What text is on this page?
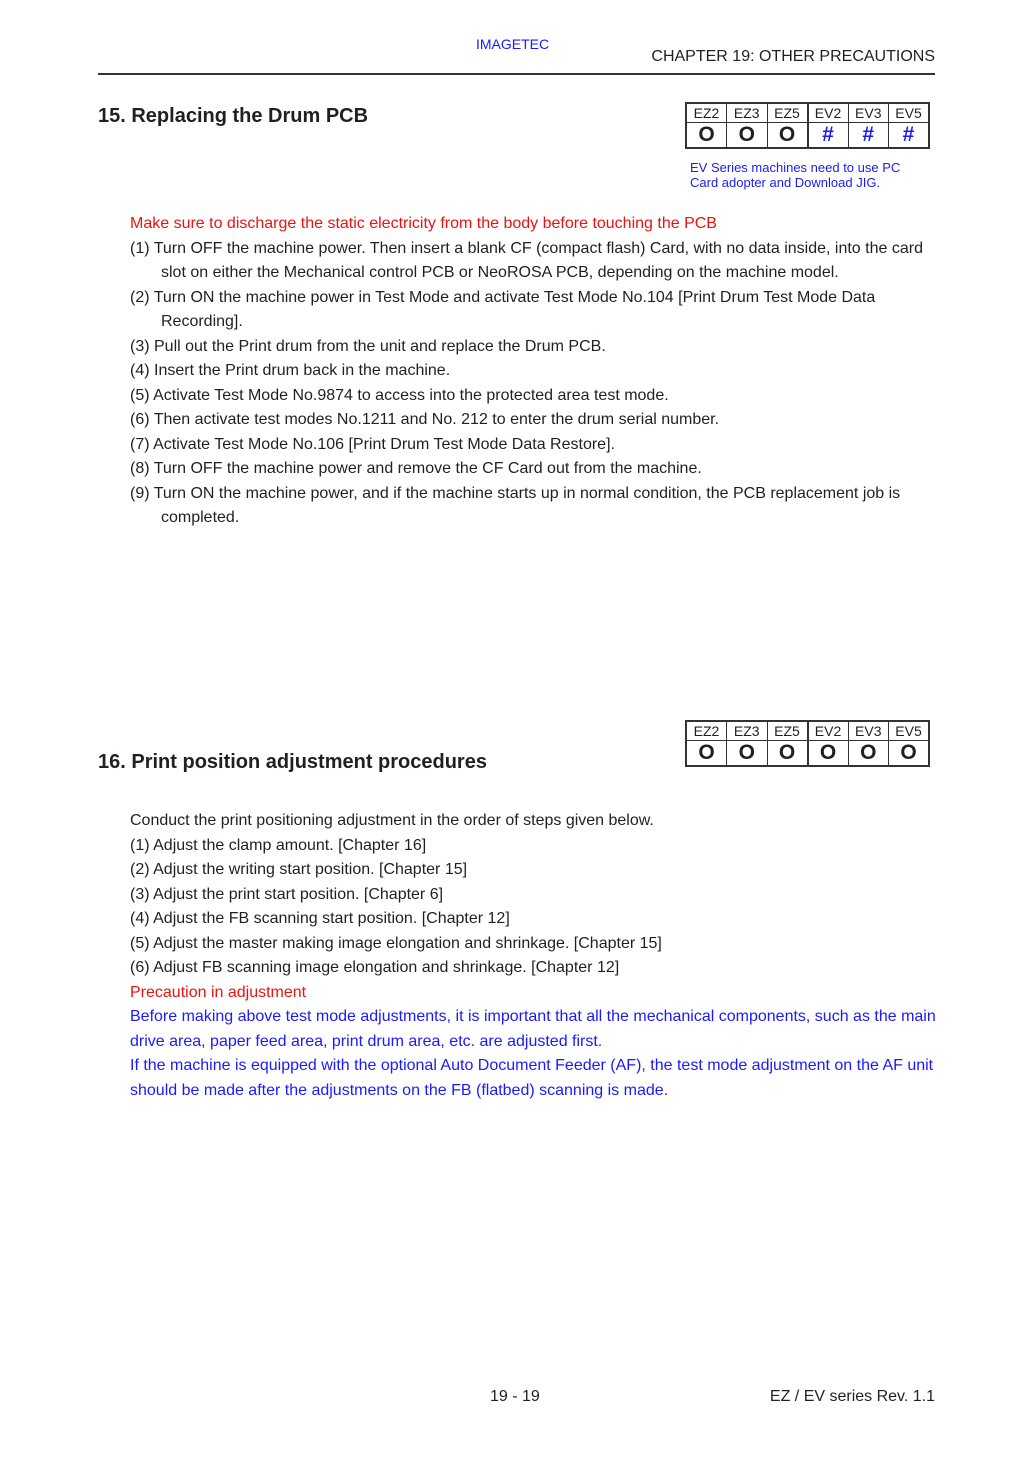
IMAGETEC
CHAPTER 19: OTHER PRECAUTIONS
15. Replacing the Drum PCB	EZ2	EZ3	EZ5	EV2	EV3	EV5
O	O	O	#	#	#
EV Series machines need to use PC
Card adopter and Download JIG.
Make sure to discharge the static electricity from the body before touching the PCB
(1) Turn OFF the machine power. Then insert a blank CF (compact flash) Card, with no data inside, into the card slot on either the Mechanical control PCB or NeoROSA PCB, depending on the machine model.
(2) Turn ON the machine power in Test Mode and activate Test Mode No.104 [Print Drum Test Mode Data Recording].
(3) Pull out the Print drum from the unit and replace the Drum PCB.
(4) Insert the Print drum back in the machine.
(5) Activate Test Mode No.9874 to access into the protected area test mode.
(6) Then activate test modes No.1211 and No. 212 to enter the drum serial number.
(7) Activate Test Mode No.106 [Print Drum Test Mode Data Restore].
(8) Turn OFF the machine power and remove the CF Card out from the machine.
(9) Turn ON the machine power, and if the machine starts up in normal condition, the PCB replacement job is completed.
EZ2	EZ3	EZ5	EV2	EV3	EV5
O	O	O	O	O	O
16. Print position adjustment procedures
Conduct the print positioning adjustment in the order of steps given below.
(1) Adjust the clamp amount. [Chapter 16]
(2) Adjust the writing start position. [Chapter 15]
(3) Adjust the print start position. [Chapter 6]
(4) Adjust the FB scanning start position. [Chapter 12]
(5) Adjust the master making image elongation and shrinkage. [Chapter 15]
(6) Adjust FB scanning image elongation and shrinkage. [Chapter 12]
Precaution in adjustment
Before making above test mode adjustments, it is important that all the mechanical components, such as the main drive area, paper feed area, print drum area, etc. are adjusted first.
If the machine is equipped with the optional Auto Document Feeder (AF), the test mode adjustment on the AF unit should be made after the adjustments on the FB (flatbed) scanning is made.
19 - 19	EZ / EV series Rev. 1.1
